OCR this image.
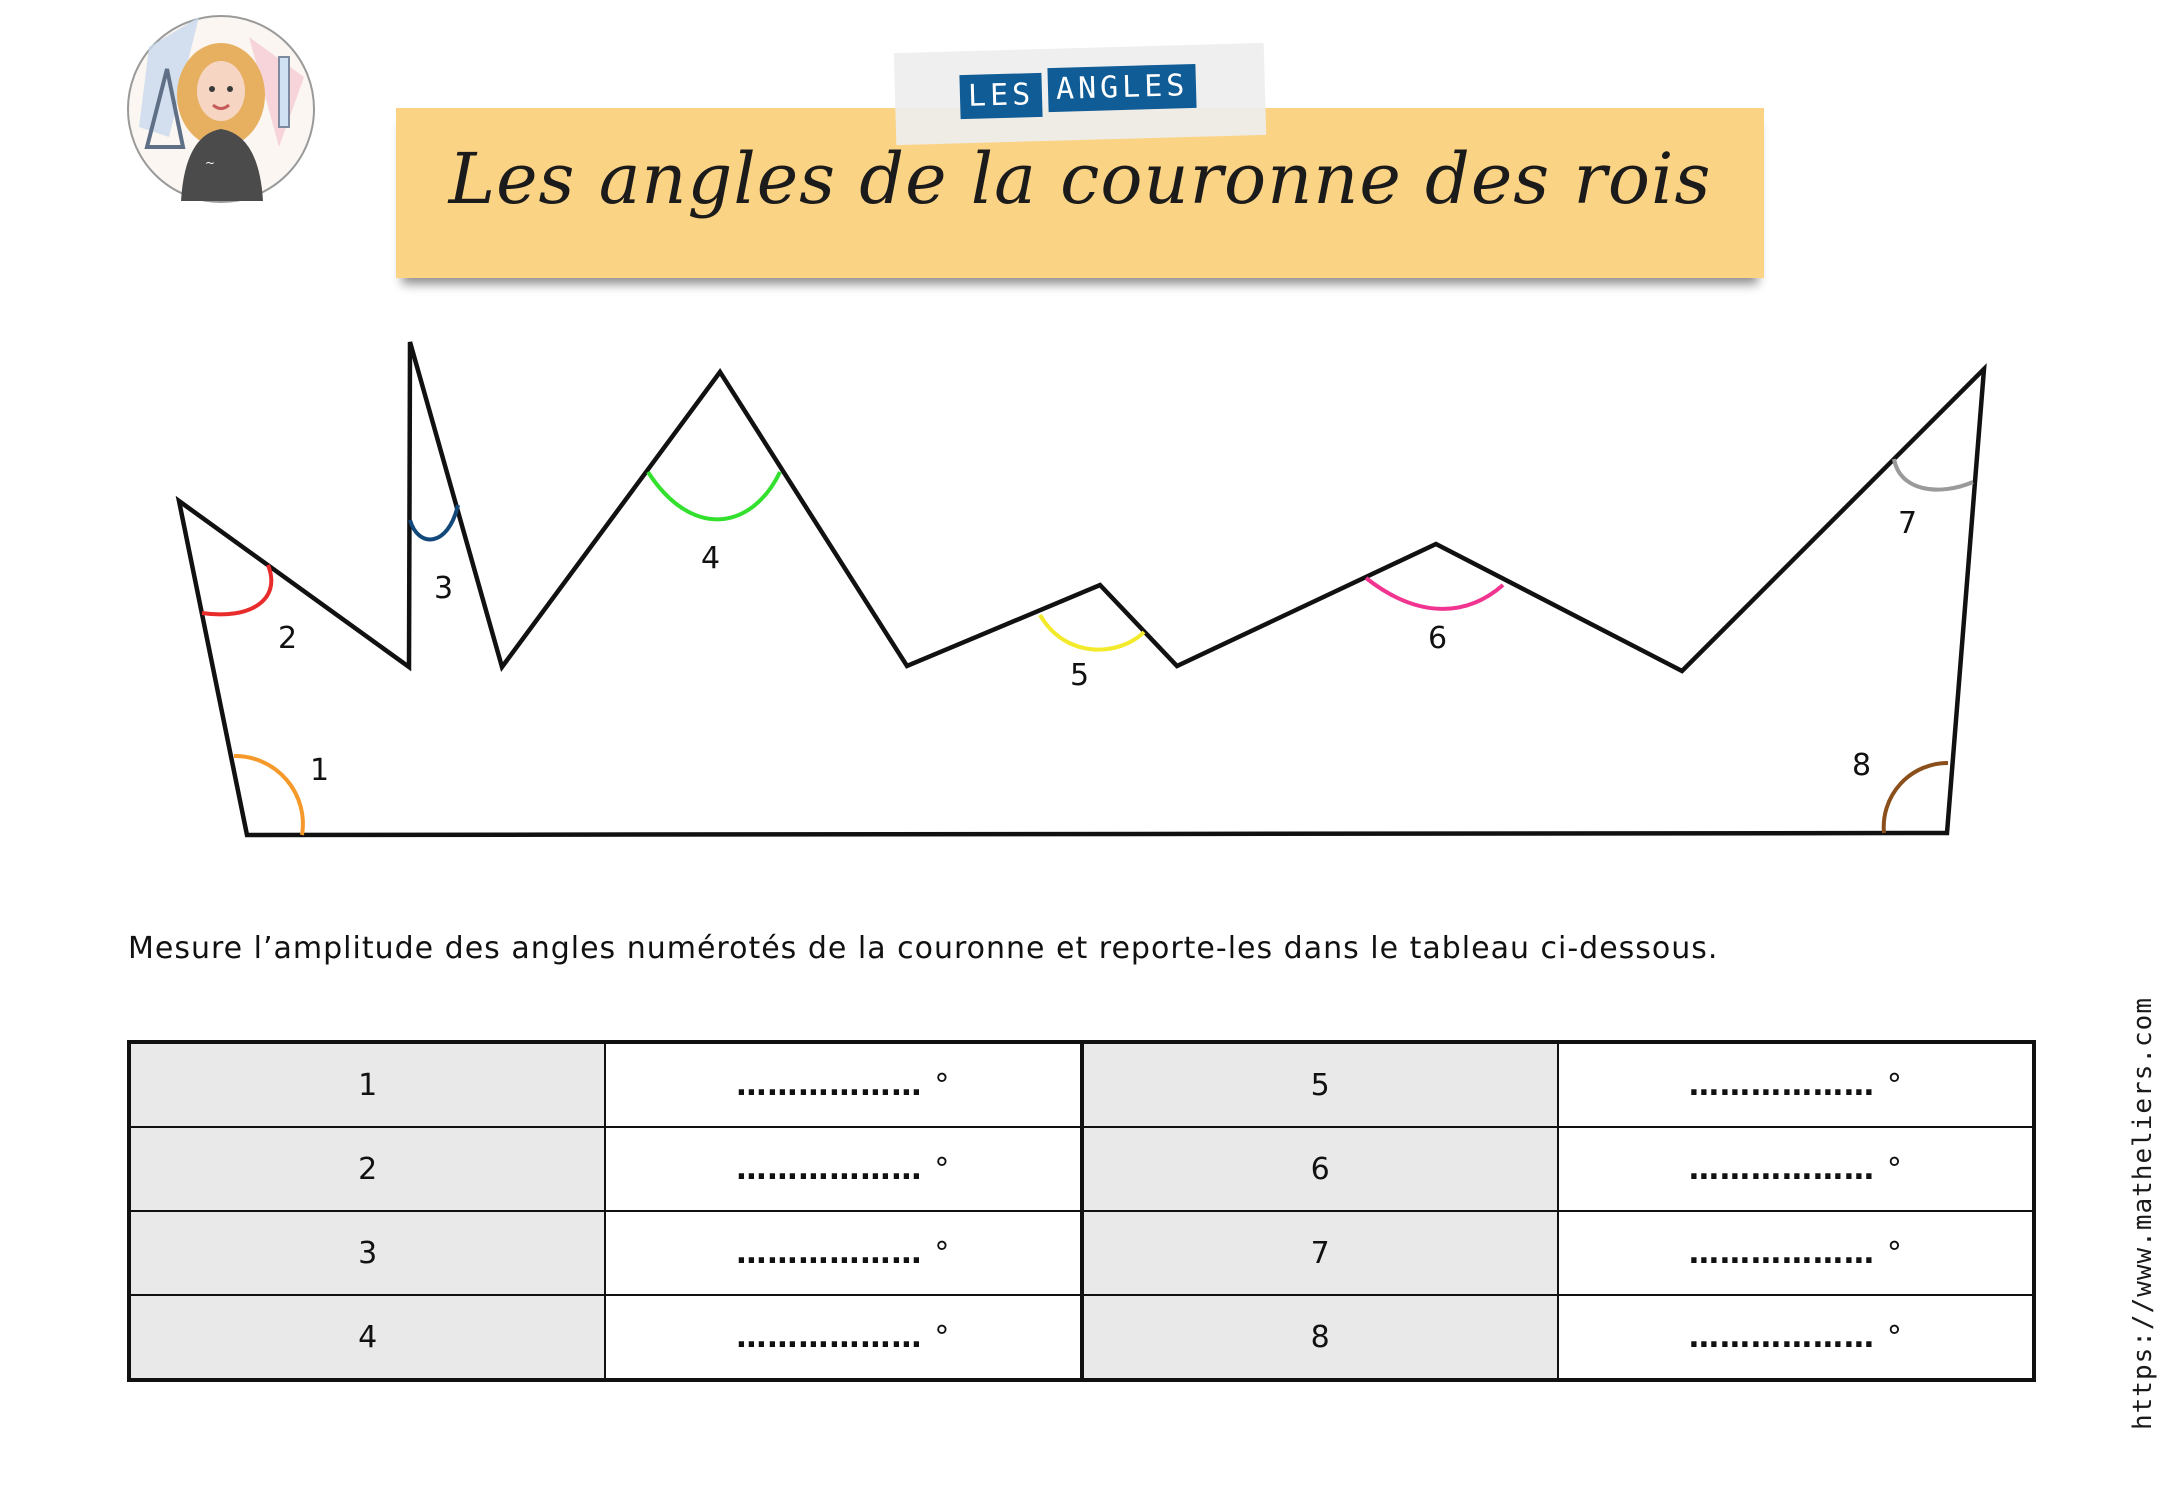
~
LES ANGLES
Les angles de la couronne des rois
1
2
3
4
5
6
7
8
Mesure l’amplitude des angles numérotés de la couronne et reporte-les dans le tableau ci-dessous.
1	……………… °	5	……………… °
2	……………… °	6	……………… °
3	……………… °	7	……………… °
4	……………… °	8	……………… °	https://www.matheliers.com
